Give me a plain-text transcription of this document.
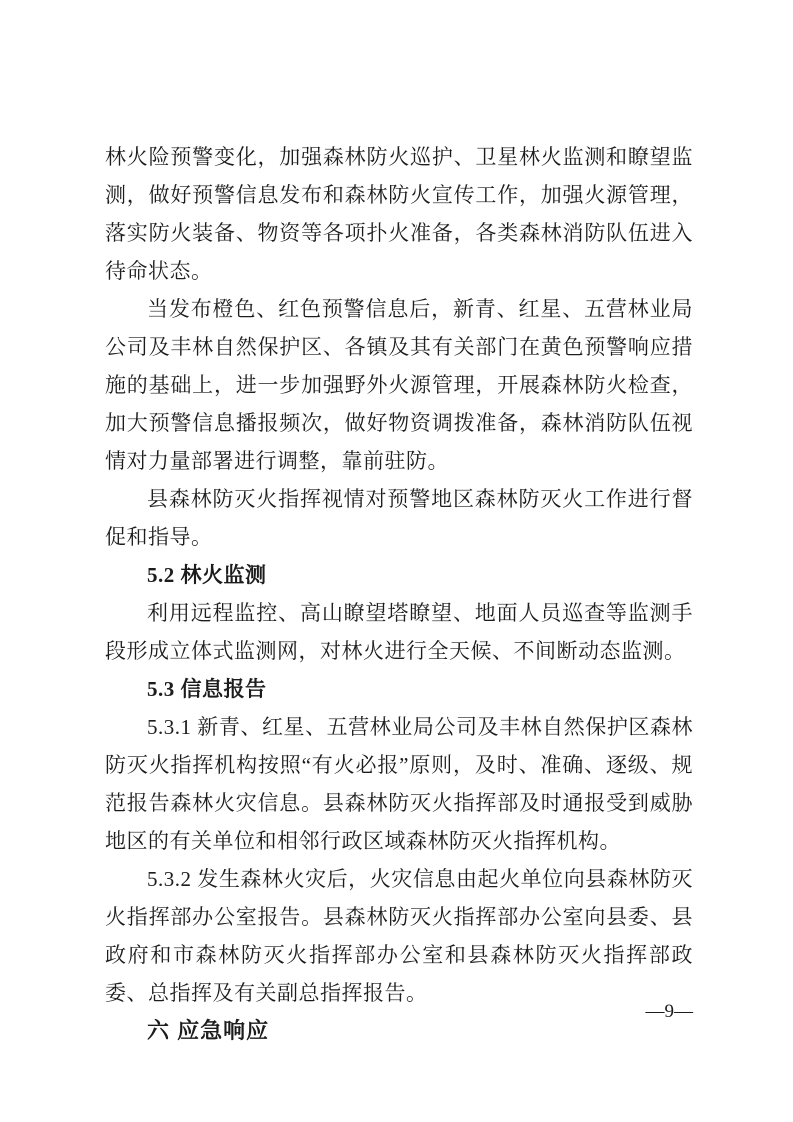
林火险预警变化，加强森林防火巡护、卫星林火监测和瞭望监测，做好预警信息发布和森林防火宣传工作，加强火源管理，落实防火装备、物资等各项扑火准备，各类森林消防队伍进入待命状态。

当发布橙色、红色预警信息后，新青、红星、五营林业局公司及丰林自然保护区、各镇及其有关部门在黄色预警响应措施的基础上，进一步加强野外火源管理，开展森林防火检查，加大预警信息播报频次，做好物资调拨准备，森林消防队伍视情对力量部署进行调整，靠前驻防。

县森林防灭火指挥视情对预警地区森林防灭火工作进行督促和指导。

5.2 林火监测

利用远程监控、高山瞭望塔瞭望、地面人员巡查等监测手段形成立体式监测网，对林火进行全天候、不间断动态监测。

5.3 信息报告

5.3.1 新青、红星、五营林业局公司及丰林自然保护区森林防灭火指挥机构按照“有火必报”原则，及时、准确、逐级、规范报告森林火灾信息。县森林防灭火指挥部及时通报受到威胁地区的有关单位和相邻行政区域森林防灭火指挥机构。

5.3.2 发生森林火灾后，火灾信息由起火单位向县森林防灭火指挥部办公室报告。县森林防灭火指挥部办公室向县委、县政府和市森林防灭火指挥部办公室和县森林防灭火指挥部政委、总指挥及有关副总指挥报告。

六 应急响应

—9—
